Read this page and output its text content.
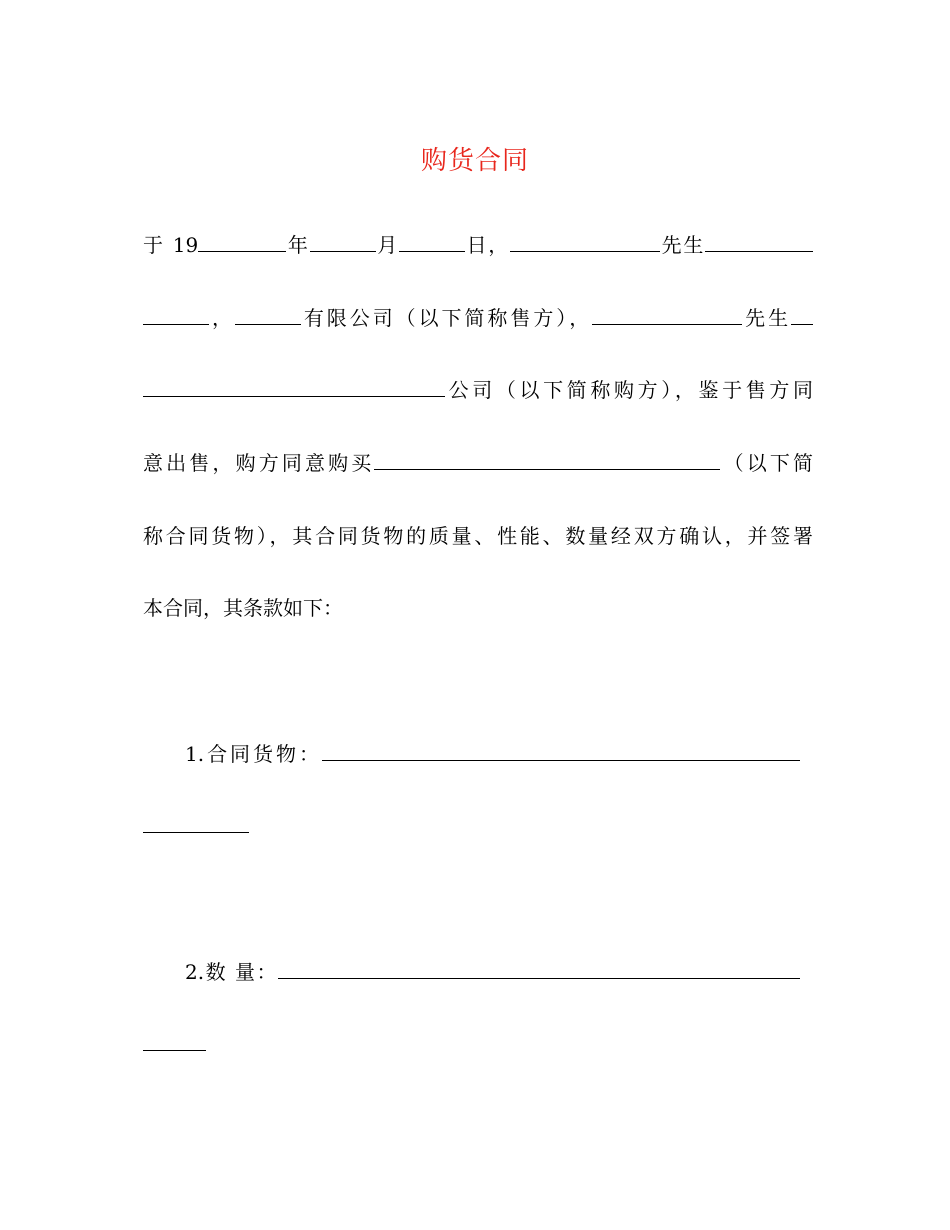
购货合同
于 19	年	月	日，	先生
，	有限公司（以下简称售方），	先生
公司（以下简称购方），鉴于售方同
意出售，购方同意购买	（以下简
称合同货物），其合同货物的质量、性能、数量经双方确认，并签署
本合同，其条款如下：
1.合同货物：
2.数 量：
